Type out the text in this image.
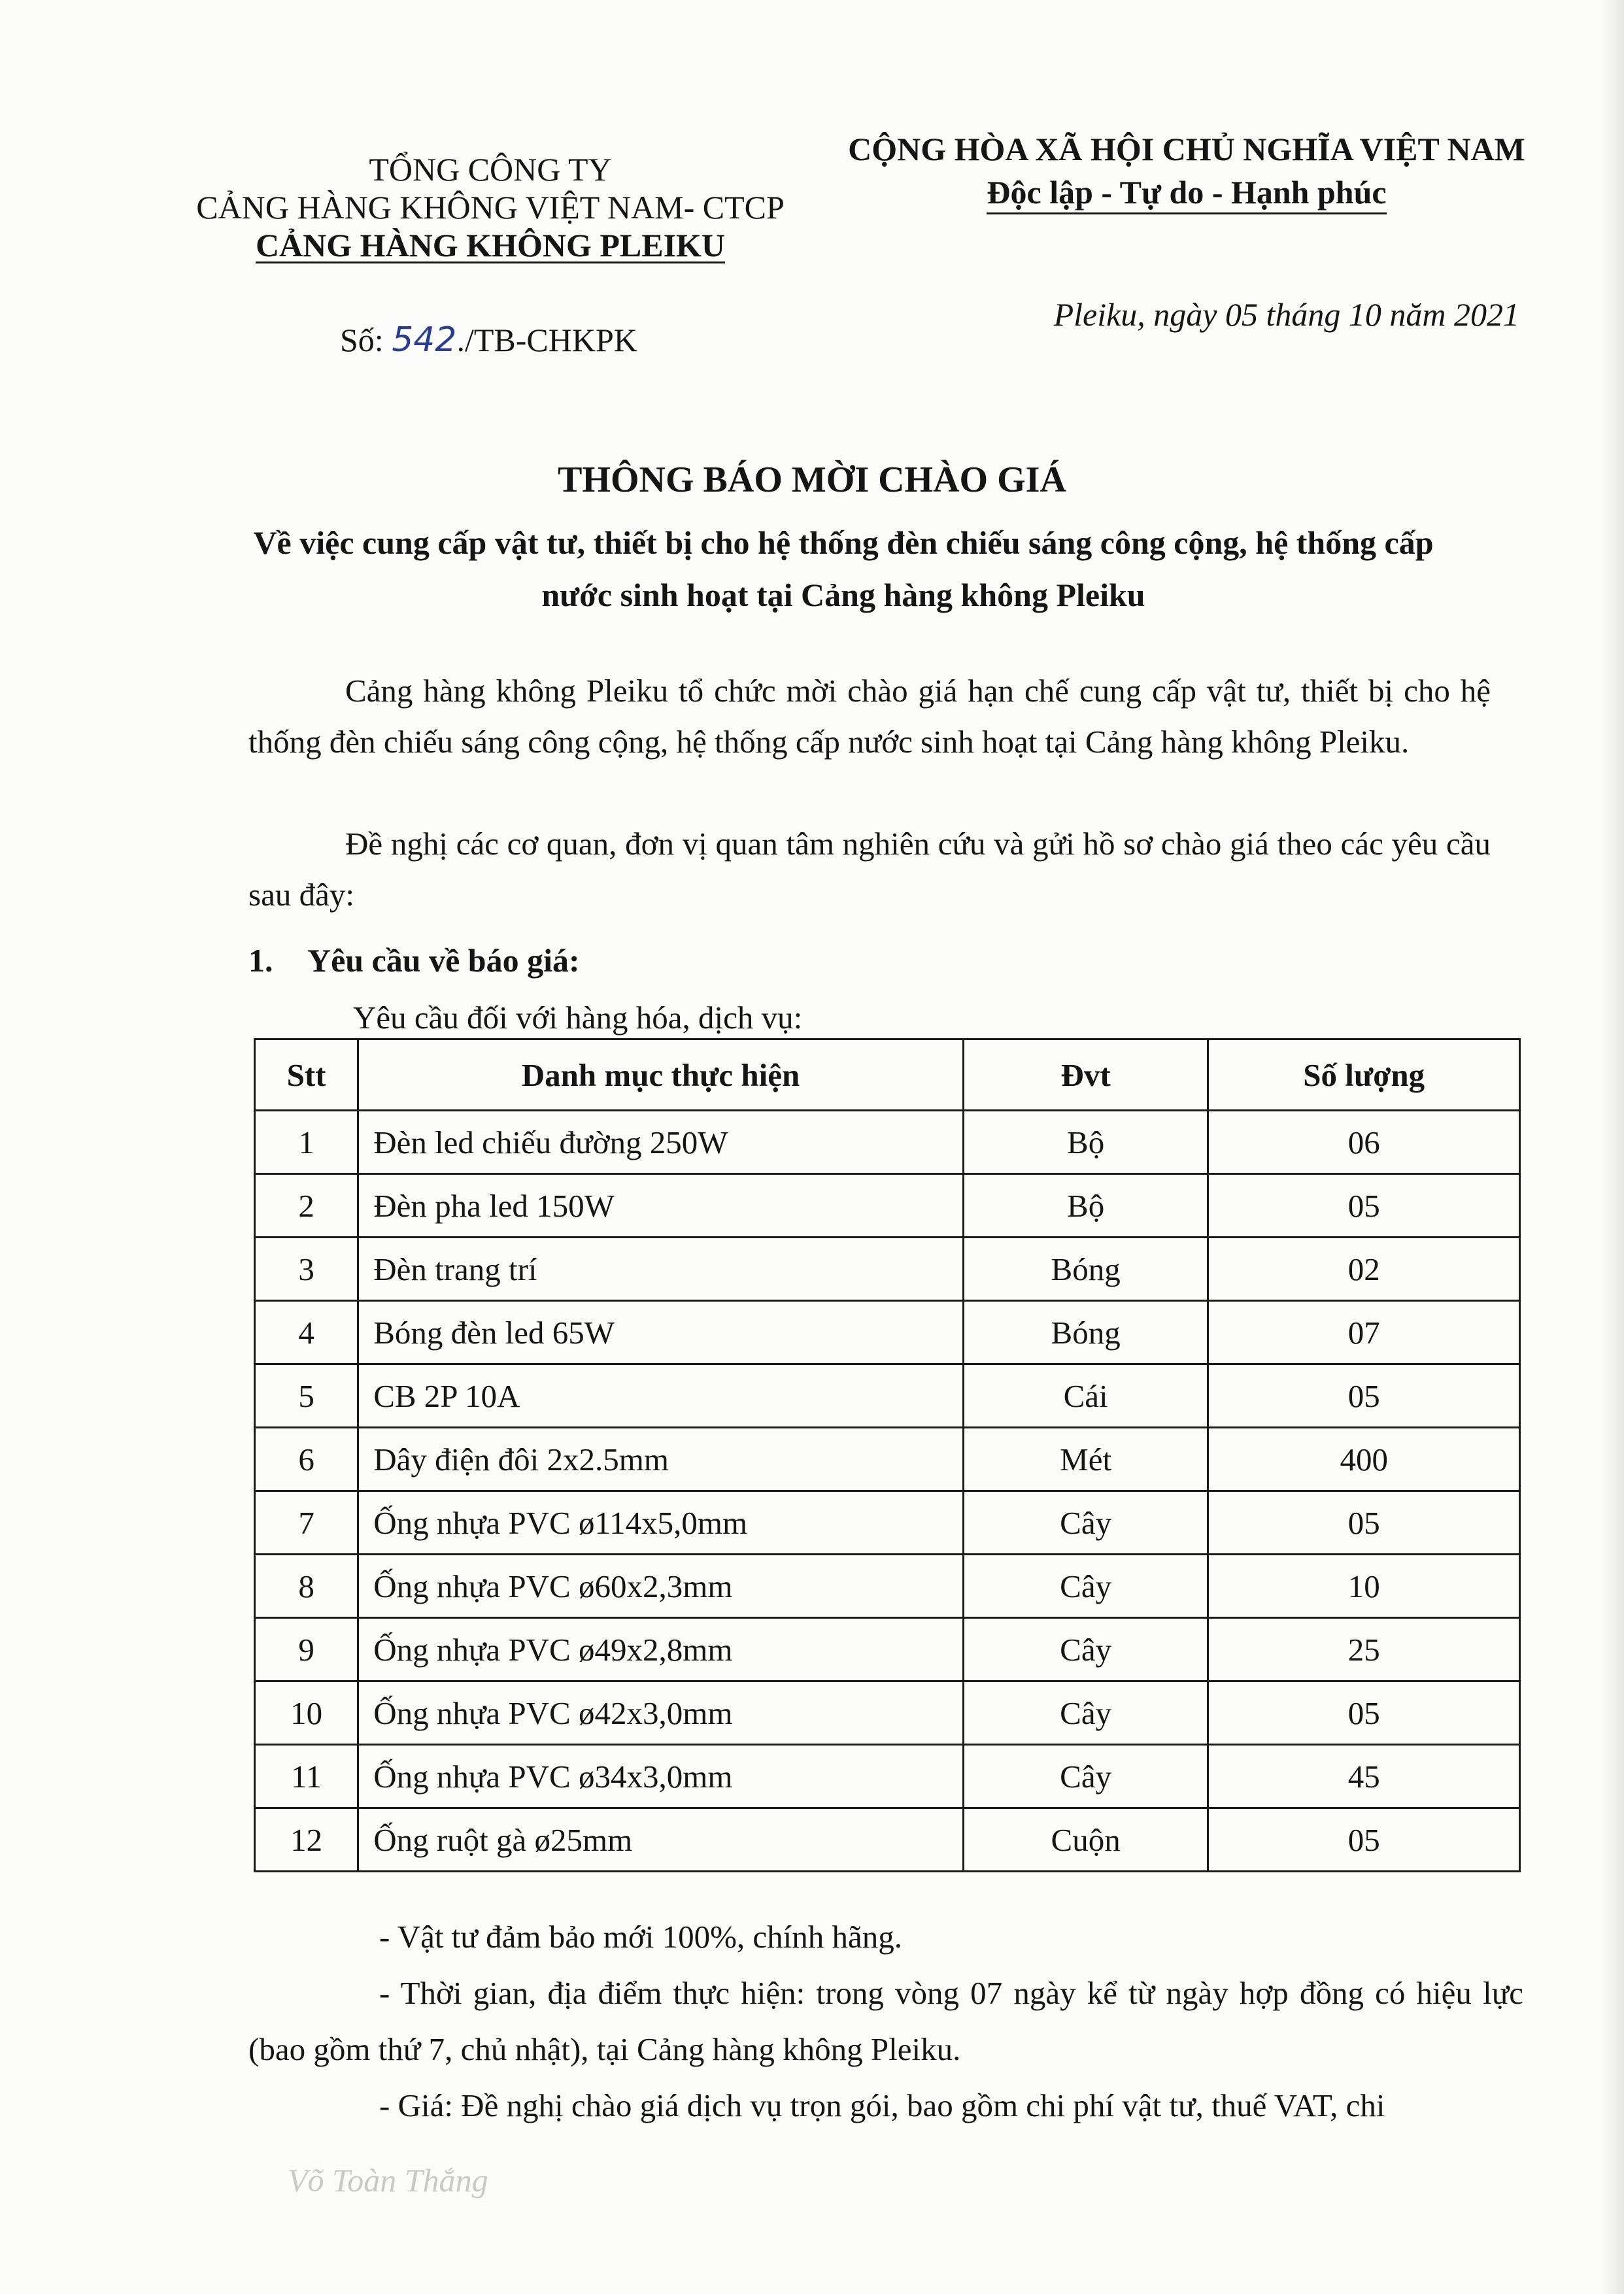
TỔNG CÔNG TY
CẢNG HÀNG KHÔNG VIỆT NAM- CTCP
CẢNG HÀNG KHÔNG PLEIKU
CỘNG HÒA XÃ HỘI CHỦ NGHĨA VIỆT NAM
Độc lập - Tự do - Hạnh phúc
Số: 542./TB-CHKPK
Pleiku, ngày 05 tháng 10 năm 2021
THÔNG BÁO MỜI CHÀO GIÁ
Về việc cung cấp vật tư, thiết bị cho hệ thống đèn chiếu sáng công cộng, hệ thống cấp nước sinh hoạt tại Cảng hàng không Pleiku
Cảng hàng không Pleiku tổ chức mời chào giá hạn chế cung cấp vật tư, thiết bị cho hệ thống đèn chiếu sáng công cộng, hệ thống cấp nước sinh hoạt tại Cảng hàng không Pleiku.
Đề nghị các cơ quan, đơn vị quan tâm nghiên cứu và gửi hồ sơ chào giá theo các yêu cầu sau đây:
1. Yêu cầu về báo giá:
Yêu cầu đối với hàng hóa, dịch vụ:
Stt	Danh mục thực hiện	Đvt	Số lượng
1	Đèn led chiếu đường 250W	Bộ	06
2	Đèn pha led 150W	Bộ	05
3	Đèn trang trí	Bóng	02
4	Bóng đèn led 65W	Bóng	07
5	CB 2P 10A	Cái	05
6	Dây điện đôi 2x2.5mm	Mét	400
7	Ống nhựa PVC ø114x5,0mm	Cây	05
8	Ống nhựa PVC ø60x2,3mm	Cây	10
9	Ống nhựa PVC ø49x2,8mm	Cây	25
10	Ống nhựa PVC ø42x3,0mm	Cây	05
11	Ống nhựa PVC ø34x3,0mm	Cây	45
12	Ống ruột gà ø25mm	Cuộn	05

- Vật tư đảm bảo mới 100%, chính hãng.

- Thời gian, địa điểm thực hiện: trong vòng 07 ngày kể từ ngày hợp đồng có hiệu lực (bao gồm thứ 7, chủ nhật), tại Cảng hàng không Pleiku.

- Giá: Đề nghị chào giá dịch vụ trọn gói, bao gồm chi phí vật tư, thuế VAT, chi

Võ Toàn Thắng
